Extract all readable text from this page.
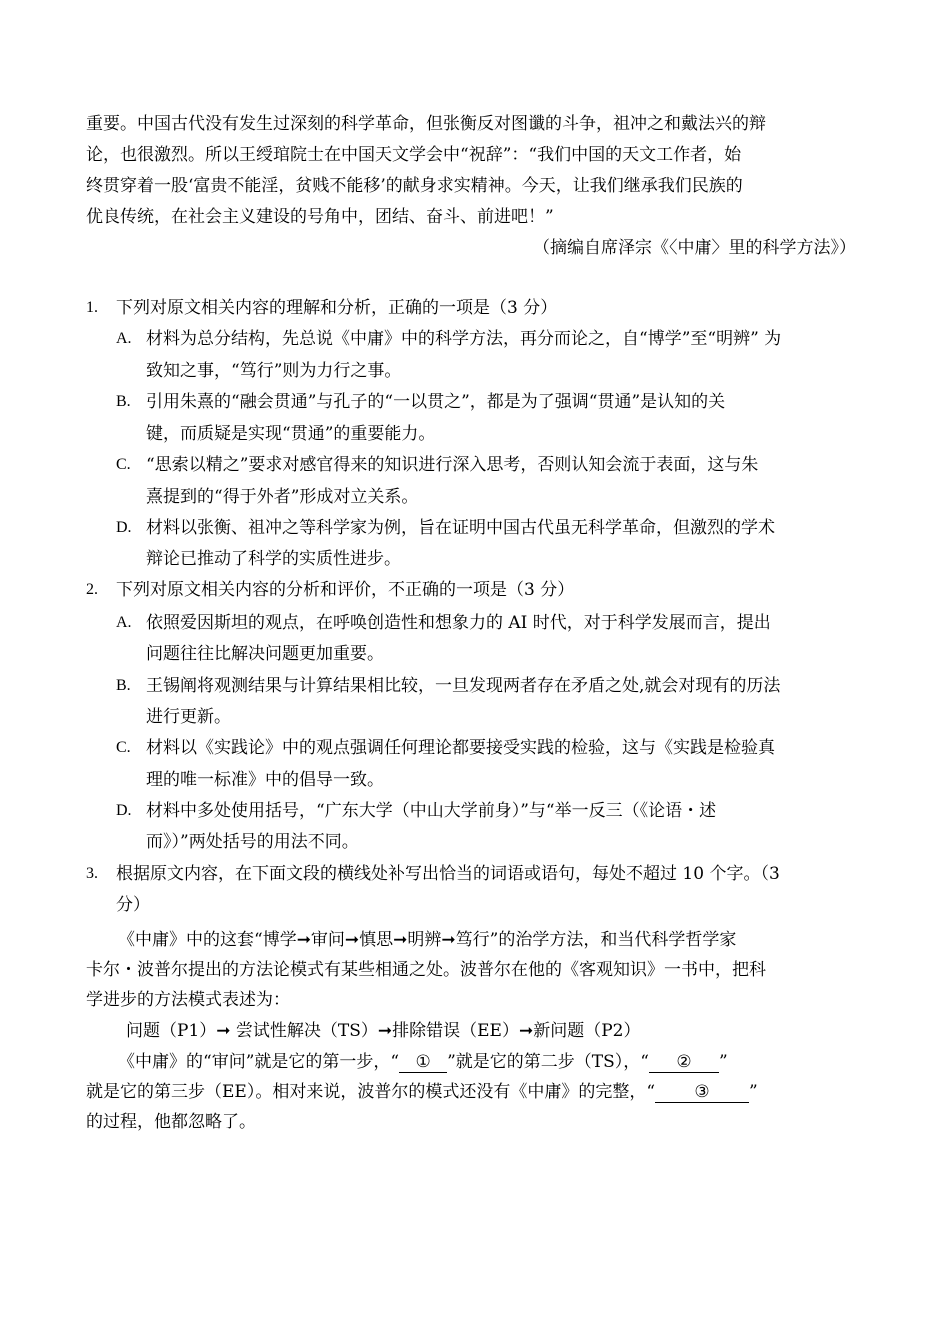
重要。中国古代没有发生过深刻的科学革命，但张衡反对图谶的斗争，祖冲之和戴法兴的辩
论，也很激烈。所以王绶琯院士在中国天文学会中“祝辞”：“我们中国的天文工作者，始
终贯穿着一股‘富贵不能淫，贫贱不能移’的献身求实精神。今天，让我们继承我们民族的
优良传统，在社会主义建设的号角中，团结、奋斗、前进吧！”
（摘编自席泽宗《〈中庸〉里的科学方法》）
1. 下列对原文相关内容的理解和分析，正确的一项是（3 分）
A. 材料为总分结构，先总说《中庸》中的科学方法，再分而论之，自“博学”至“明辨” 为
致知之事，“笃行”则为力行之事。
B. 引用朱熹的“融会贯通”与孔子的“一以贯之”，都是为了强调“贯通”是认知的关
键，而质疑是实现“贯通”的重要能力。
C. “思索以精之”要求对感官得来的知识进行深入思考，否则认知会流于表面，这与朱
熹提到的“得于外者”形成对立关系。
D. 材料以张衡、祖冲之等科学家为例，旨在证明中国古代虽无科学革命，但激烈的学术
辩论已推动了科学的实质性进步。
2. 下列对原文相关内容的分析和评价，不正确的一项是（3 分）
A. 依照爱因斯坦的观点，在呼唤创造性和想象力的 AI 时代，对于科学发展而言，提出
问题往往比解决问题更加重要。
B. 王锡阐将观测结果与计算结果相比较，一旦发现两者存在矛盾之处,就会对现有的历法
进行更新。
C. 材料以《实践论》中的观点强调任何理论都要接受实践的检验，这与《实践是检验真
理的唯一标准》中的倡导一致。
D. 材料中多处使用括号，“广东大学（中山大学前身）”与“举一反三（《论语・述
而》）”两处括号的用法不同。
3. 根据原文内容，在下面文段的横线处补写出恰当的词语或语句，每处不超过 10 个字。（3
分）
《中庸》中的这套“博学➞审问➞慎思➞明辨➞笃行”的治学方法，和当代科学哲学家
卡尔・波普尔提出的方法论模式有某些相通之处。波普尔在他的《客观知识》一书中，把科
学进步的方法模式表述为：
问题（P1）➞ 尝试性解决（TS）➞排除错误（EE）➞新问题（P2）
《中庸》的“审问”就是它的第一步，“ ① ”就是它的第二步（TS），“ ② ”
就是它的第三步（EE）。相对来说，波普尔的模式还没有《中庸》的完整，“ ③ ”
的过程，他都忽略了。
